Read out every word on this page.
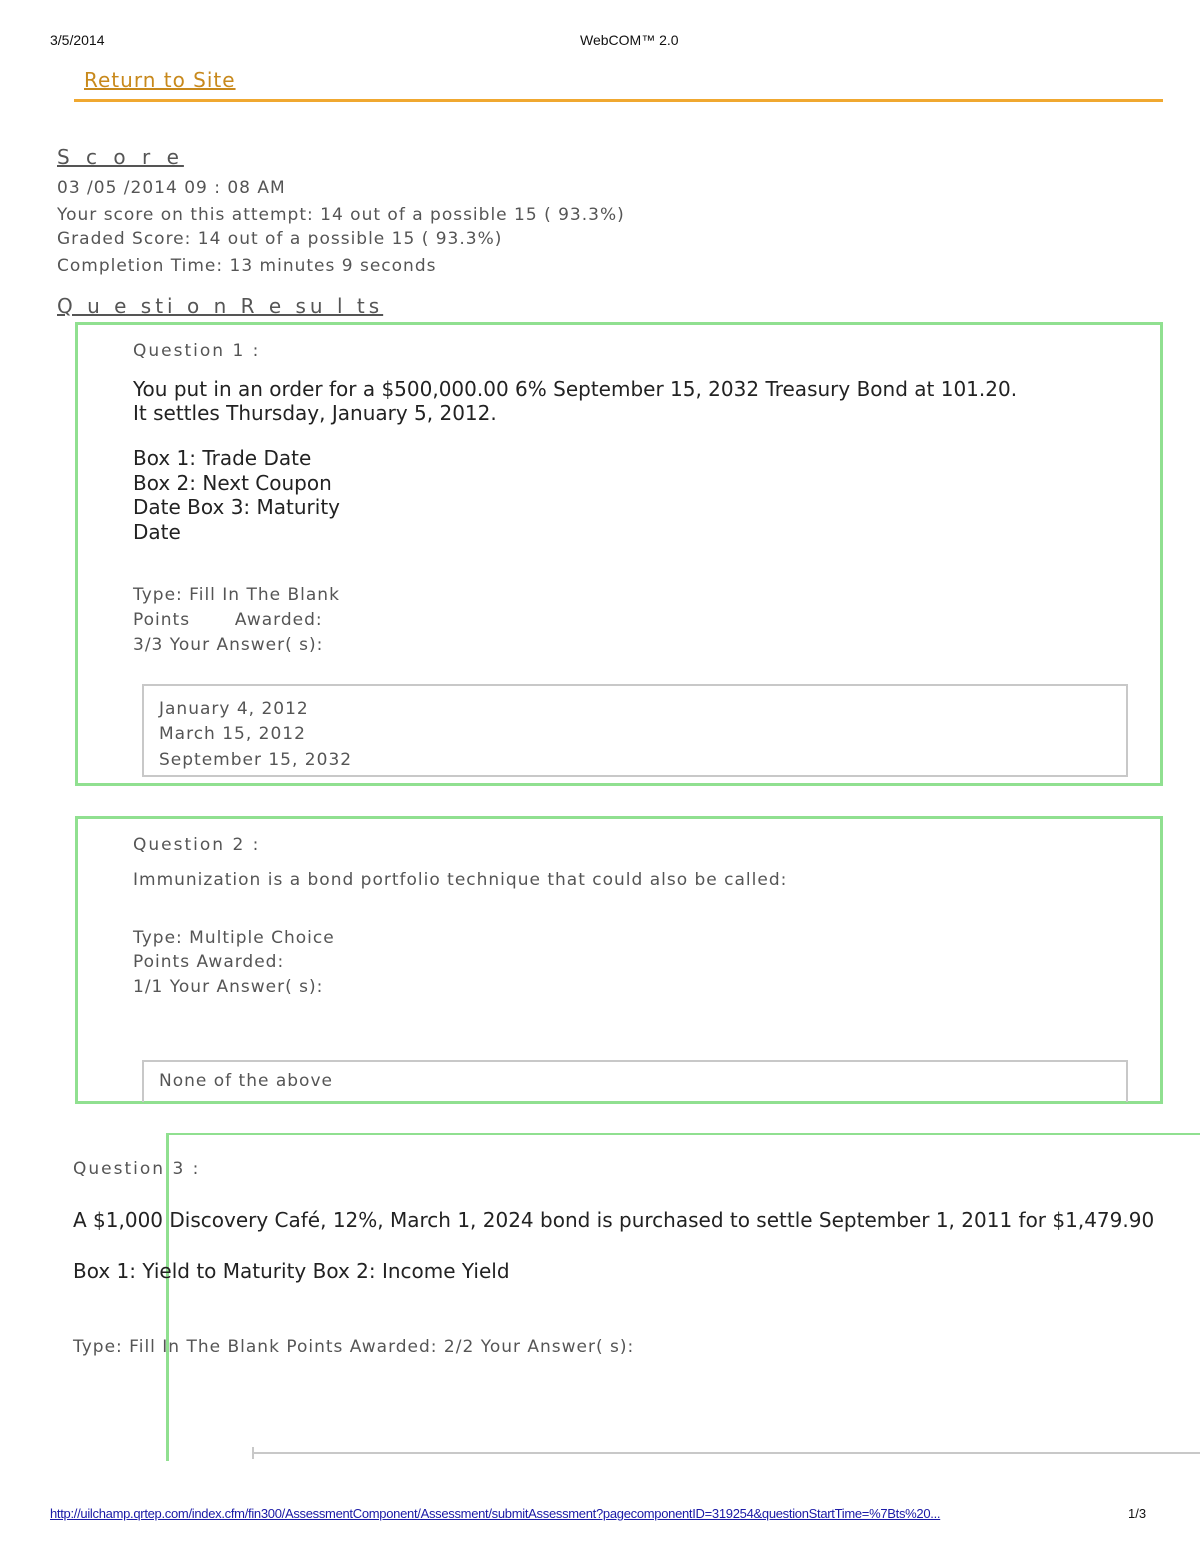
3/5/2014	WebCOM™ 2.0
Return to Site
S c o r e
03 /05 /2014 09 : 08 AM
Your score on this attempt: 14 out of a possible 15 ( 93.3%)
Graded Score: 14 out of a possible 15 ( 93.3%)
Completion Time: 13 minutes 9 seconds
Q u e sti o n R e su l ts
Question 1 :
You put in an order for a $500,000.00 6% September 15, 2032 Treasury Bond at 101.20.
It settles Thursday, January 5, 2012.
Box 1: Trade Date
Box 2: Next Coupon
Date Box 3: Maturity
Date
Type: Fill In The Blank
Points       Awarded:
3/3 Your Answer( s):
January 4, 2012
March 15, 2012
September 15, 2032
Question 2 :
Immunization is a bond portfolio technique that could also be called:
Type: Multiple Choice
Points Awarded:
1/1 Your Answer( s):
None of the above
Question 3 :
A $1,000 Discovery Café, 12%, March 1, 2024 bond is purchased to settle September 1, 2011 for $1,479.90
Box 1: Yield to Maturity Box 2: Income Yield
Type: Fill In The Blank Points Awarded: 2/2 Your Answer( s):
http://uilchamp.qrtep.com/index.cfm/fin300/AssessmentComponent/Assessment/submitAssessment?pagecomponentID=319254&questionStartTime=%7Bts%20...	1/3
